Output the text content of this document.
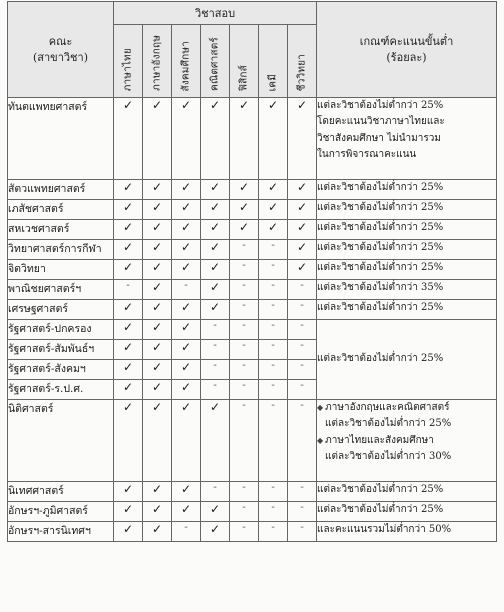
คณะ
(สาขาวิชา)	วิชาสอบ							เกณฑ์คะแนนขั้นต่ำ
(ร้อยละ)

	ภาษาไทย	ภาษาอังกฤษ	สังคมศึกษา	คณิตศาสตร์	ฟิสิกส์	เคมี	ชีววิทยา	

ทันตแพทยศาสตร์	✓	✓	✓	✓	✓	✓	✓	แต่ละวิชาต้องไม่ต่ำกว่า 25%
โดยคะแนนวิชาภาษาไทยและ
วิชาสังคมศึกษา ไม่นำมารวม
ในการพิจารณาคะแนน

สัตวแพทยศาสตร์	✓	✓	✓	✓	✓	✓	✓	แต่ละวิชาต้องไม่ต่ำกว่า 25%

เภสัชศาสตร์	✓	✓	✓	✓	✓	✓	✓	แต่ละวิชาต้องไม่ต่ำกว่า 25%

สหเวชศาสตร์	✓	✓	✓	✓	✓	✓	✓	แต่ละวิชาต้องไม่ต่ำกว่า 25%

วิทยาศาสตร์การกีฬา	✓	✓	✓	✓	-	-	✓	แต่ละวิชาต้องไม่ต่ำกว่า 25%

จิตวิทยา	✓	✓	✓	✓	-	-	✓	แต่ละวิชาต้องไม่ต่ำกว่า 25%

พาณิชยศาสตร์ฯ	-	✓	-	✓	-	-	-	แต่ละวิชาต้องไม่ต่ำกว่า 35%

เศรษฐศาสตร์	✓	✓	✓	✓	-	-	-	แต่ละวิชาต้องไม่ต่ำกว่า 25%

รัฐศาสตร์-ปกครอง	✓	✓	✓	-	-	-	-	แต่ละวิชาต้องไม่ต่ำกว่า 25%

รัฐศาสตร์-สัมพันธ์ฯ	✓	✓	✓	-	-	-	-	
รัฐศาสตร์-สังคมฯ	✓	✓	✓	-	-	-	-	
รัฐศาสตร์-ร.ป.ศ.	✓	✓	✓	-	-	-	-	
นิติศาสตร์	✓	✓	✓	✓	-	-	-	◆ ภาษาอังกฤษและคณิตศาสตร์
แต่ละวิชาต้องไม่ต่ำกว่า 25%
◆ ภาษาไทยและสังคมศึกษา
แต่ละวิชาต้องไม่ต่ำกว่า 30%

นิเทศศาสตร์	✓	✓	✓	-	-	-	-	แต่ละวิชาต้องไม่ต่ำกว่า 25%

อักษรฯ-ภูมิศาสตร์	✓	✓	✓	✓	-	-	-	แต่ละวิชาต้องไม่ต่ำกว่า 25%

อักษรฯ-สารนิเทศฯ	✓	✓	-	✓	-	-	-	และคะแนนรวมไม่ต่ำกว่า 50%
